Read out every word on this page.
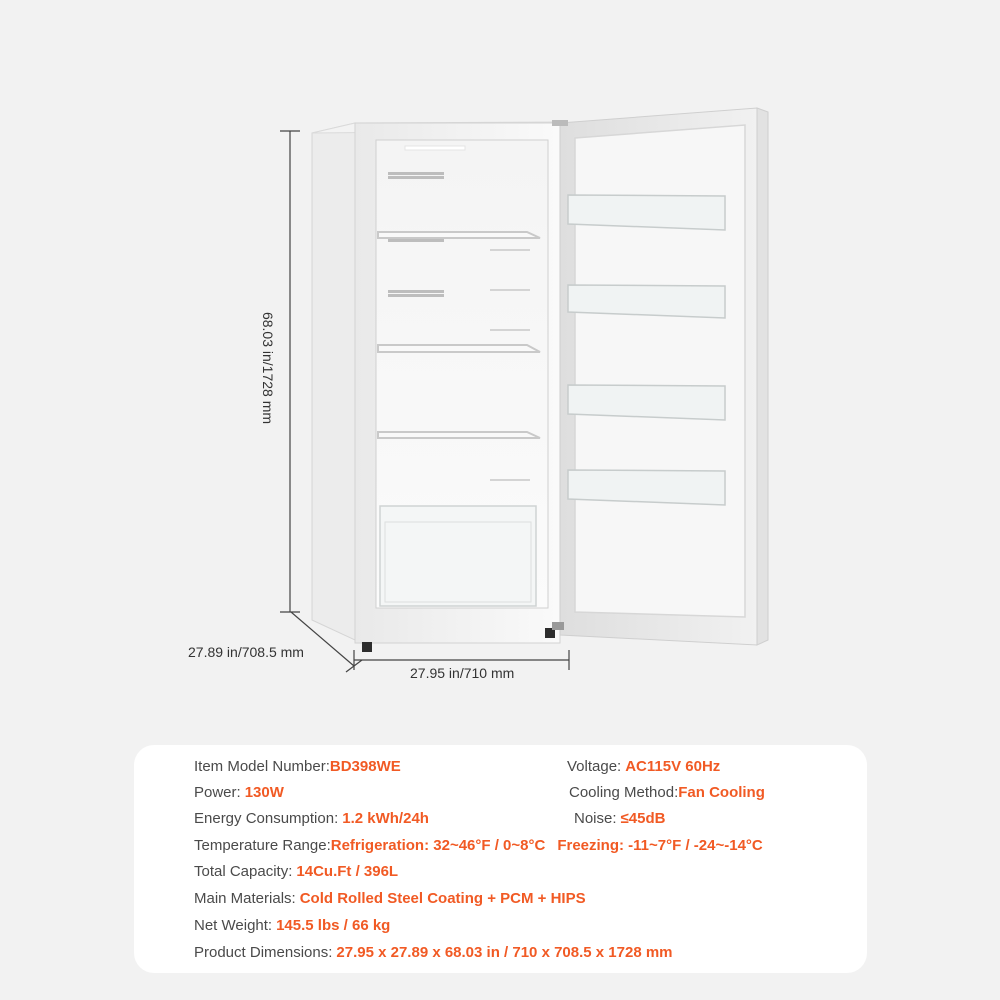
68.03 in/1728 mm
27.89 in/708.5 mm
27.95 in/710 mm
Item Model Number:BD398WE	Voltage: AC115V 60Hz
Power: 130W	Cooling Method:Fan Cooling
Energy Consumption: 1.2 kWh/24h	Noise: ≤45dB
Temperature Range:Refrigeration: 32~46°F / 0~8°C Freezing: -11~7°F / -24~-14°C
Total Capacity: 14Cu.Ft / 396L
Main Materials: Cold Rolled Steel Coating + PCM + HIPS
Net Weight: 145.5 lbs / 66 kg
Product Dimensions: 27.95 x 27.89 x 68.03 in / 710 x 708.5 x 1728 mm
